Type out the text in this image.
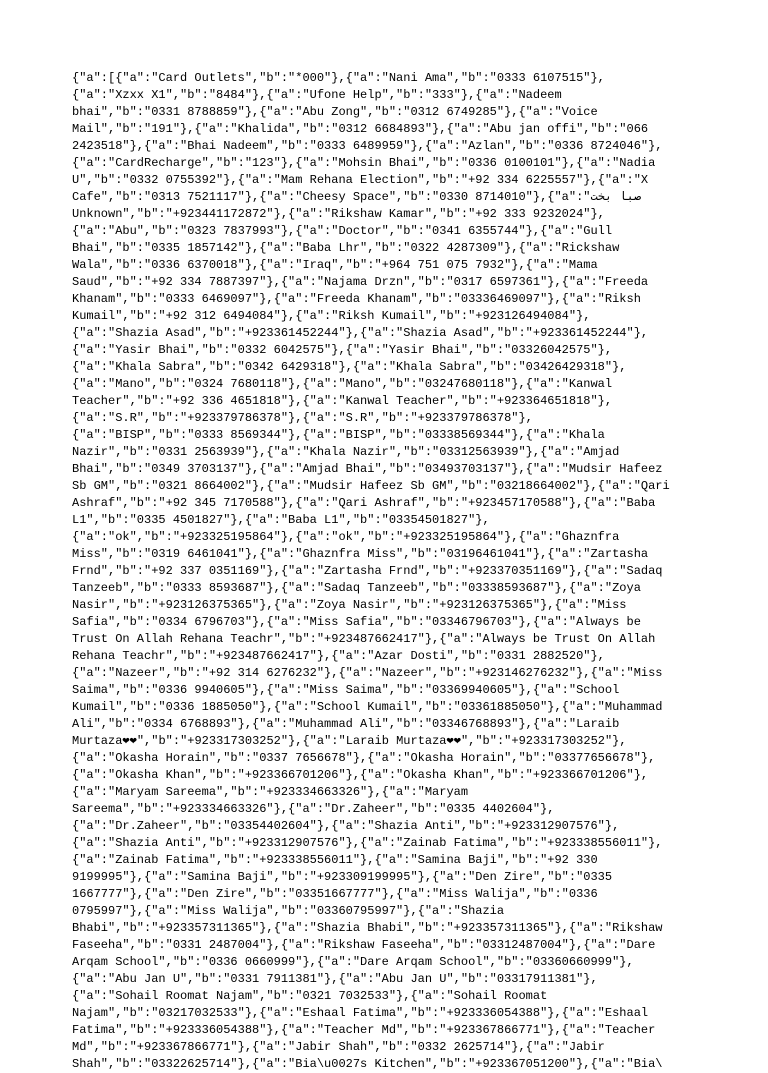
{"a":[{"a":"Card Outlets","b":"*000"},{"a":"Nani Ama","b":"0333 6107515"},
{"a":"Xzxx X1","b":"8484"},{"a":"Ufone Help","b":"333"},{"a":"Nadeem
bhai","b":"0331 8788859"},{"a":"Abu Zong","b":"0312 6749285"},{"a":"Voice
Mail","b":"191"},{"a":"Khalida","b":"0312 6684893"},{"a":"Abu jan offi","b":"066
2423518"},{"a":"Bhai Nadeem","b":"0333 6489959"},{"a":"Azlan","b":"0336 8724046"},
{"a":"CardRecharge","b":"123"},{"a":"Mohsin Bhai","b":"0336 0100101"},{"a":"Nadia
U","b":"0332 0755392"},{"a":"Mam Rehana Election","b":"+92 334 6225557"},{"a":"X
Cafe","b":"0313 7521117"},{"a":"Cheesy Space","b":"0330 8714010"},{"a":"صبا بخت
Unknown","b":"+923441172872"},{"a":"Rikshaw Kamar","b":"+92 333 9232024"},
{"a":"Abu","b":"0323 7837993"},{"a":"Doctor","b":"0341 6355744"},{"a":"Gull
Bhai","b":"0335 1857142"},{"a":"Baba Lhr","b":"0322 4287309"},{"a":"Rickshaw
Wala","b":"0336 6370018"},{"a":"Iraq","b":"+964 751 075 7932"},{"a":"Mama
Saud","b":"+92 334 7887397"},{"a":"Najama Drzn","b":"0317 6597361"},{"a":"Freeda
Khanam","b":"0333 6469097"},{"a":"Freeda Khanam","b":"03336469097"},{"a":"Riksh
Kumail","b":"+92 312 6494084"},{"a":"Riksh Kumail","b":"+923126494084"},
{"a":"Shazia Asad","b":"+923361452244"},{"a":"Shazia Asad","b":"+923361452244"},
{"a":"Yasir Bhai","b":"0332 6042575"},{"a":"Yasir Bhai","b":"03326042575"},
{"a":"Khala Sabra","b":"0342 6429318"},{"a":"Khala Sabra","b":"03426429318"},
{"a":"Mano","b":"0324 7680118"},{"a":"Mano","b":"03247680118"},{"a":"Kanwal
Teacher","b":"+92 336 4651818"},{"a":"Kanwal Teacher","b":"+923364651818"},
{"a":"S.R","b":"+923379786378"},{"a":"S.R","b":"+923379786378"},
{"a":"BISP","b":"0333 8569344"},{"a":"BISP","b":"03338569344"},{"a":"Khala
Nazir","b":"0331 2563939"},{"a":"Khala Nazir","b":"03312563939"},{"a":"Amjad
Bhai","b":"0349 3703137"},{"a":"Amjad Bhai","b":"03493703137"},{"a":"Mudsir Hafeez
Sb GM","b":"0321 8664002"},{"a":"Mudsir Hafeez Sb GM","b":"03218664002"},{"a":"Qari
Ashraf","b":"+92 345 7170588"},{"a":"Qari Ashraf","b":"+923457170588"},{"a":"Baba
L1","b":"0335 4501827"},{"a":"Baba L1","b":"03354501827"},
{"a":"ok","b":"+923325195864"},{"a":"ok","b":"+923325195864"},{"a":"Ghaznfra
Miss","b":"0319 6461041"},{"a":"Ghaznfra Miss","b":"03196461041"},{"a":"Zartasha
Frnd","b":"+92 337 0351169"},{"a":"Zartasha Frnd","b":"+923370351169"},{"a":"Sadaq
Tanzeeb","b":"0333 8593687"},{"a":"Sadaq Tanzeeb","b":"03338593687"},{"a":"Zoya
Nasir","b":"+923126375365"},{"a":"Zoya Nasir","b":"+923126375365"},{"a":"Miss
Safia","b":"0334 6796703"},{"a":"Miss Safia","b":"03346796703"},{"a":"Always be
Trust On Allah Rehana Teachr","b":"+923487662417"},{"a":"Always be Trust On Allah
Rehana Teachr","b":"+923487662417"},{"a":"Azar Dosti","b":"0331 2882520"},
{"a":"Nazeer","b":"+92 314 6276232"},{"a":"Nazeer","b":"+923146276232"},{"a":"Miss
Saima","b":"0336 9940605"},{"a":"Miss Saima","b":"03369940605"},{"a":"School
Kumail","b":"0336 1885050"},{"a":"School Kumail","b":"03361885050"},{"a":"Muhammad
Ali","b":"0334 6768893"},{"a":"Muhammad Ali","b":"03346768893"},{"a":"Laraib
Murtaza❤❤","b":"+923317303252"},{"a":"Laraib Murtaza❤❤","b":"+923317303252"},
{"a":"Okasha Horain","b":"0337 7656678"},{"a":"Okasha Horain","b":"03377656678"},
{"a":"Okasha Khan","b":"+923366701206"},{"a":"Okasha Khan","b":"+923366701206"},
{"a":"Maryam Sareema","b":"+923334663326"},{"a":"Maryam
Sareema","b":"+923334663326"},{"a":"Dr.Zaheer","b":"0335 4402604"},
{"a":"Dr.Zaheer","b":"03354402604"},{"a":"Shazia Anti","b":"+923312907576"},
{"a":"Shazia Anti","b":"+923312907576"},{"a":"Zainab Fatima","b":"+923338556011"},
{"a":"Zainab Fatima","b":"+923338556011"},{"a":"Samina Baji","b":"+92 330
9199995"},{"a":"Samina Baji","b":"+923309199995"},{"a":"Den Zire","b":"0335
1667777"},{"a":"Den Zire","b":"03351667777"},{"a":"Miss Walija","b":"0336
0795997"},{"a":"Miss Walija","b":"03360795997"},{"a":"Shazia
Bhabi","b":"+923357311365"},{"a":"Shazia Bhabi","b":"+923357311365"},{"a":"Rikshaw
Faseeha","b":"0331 2487004"},{"a":"Rikshaw Faseeha","b":"03312487004"},{"a":"Dare
Arqam School","b":"0336 0660999"},{"a":"Dare Arqam School","b":"03360660999"},
{"a":"Abu Jan U","b":"0331 7911381"},{"a":"Abu Jan U","b":"03317911381"},
{"a":"Sohail Roomat Najam","b":"0321 7032533"},{"a":"Sohail Roomat
Najam","b":"03217032533"},{"a":"Eshaal Fatima","b":"+923336054388"},{"a":"Eshaal
Fatima","b":"+923336054388"},{"a":"Teacher Md","b":"+923367866771"},{"a":"Teacher
Md","b":"+923367866771"},{"a":"Jabir Shah","b":"0332 2625714"},{"a":"Jabir
Shah","b":"03322625714"},{"a":"Bia\u0027s Kitchen","b":"+923367051200"},{"a":"Bia\
